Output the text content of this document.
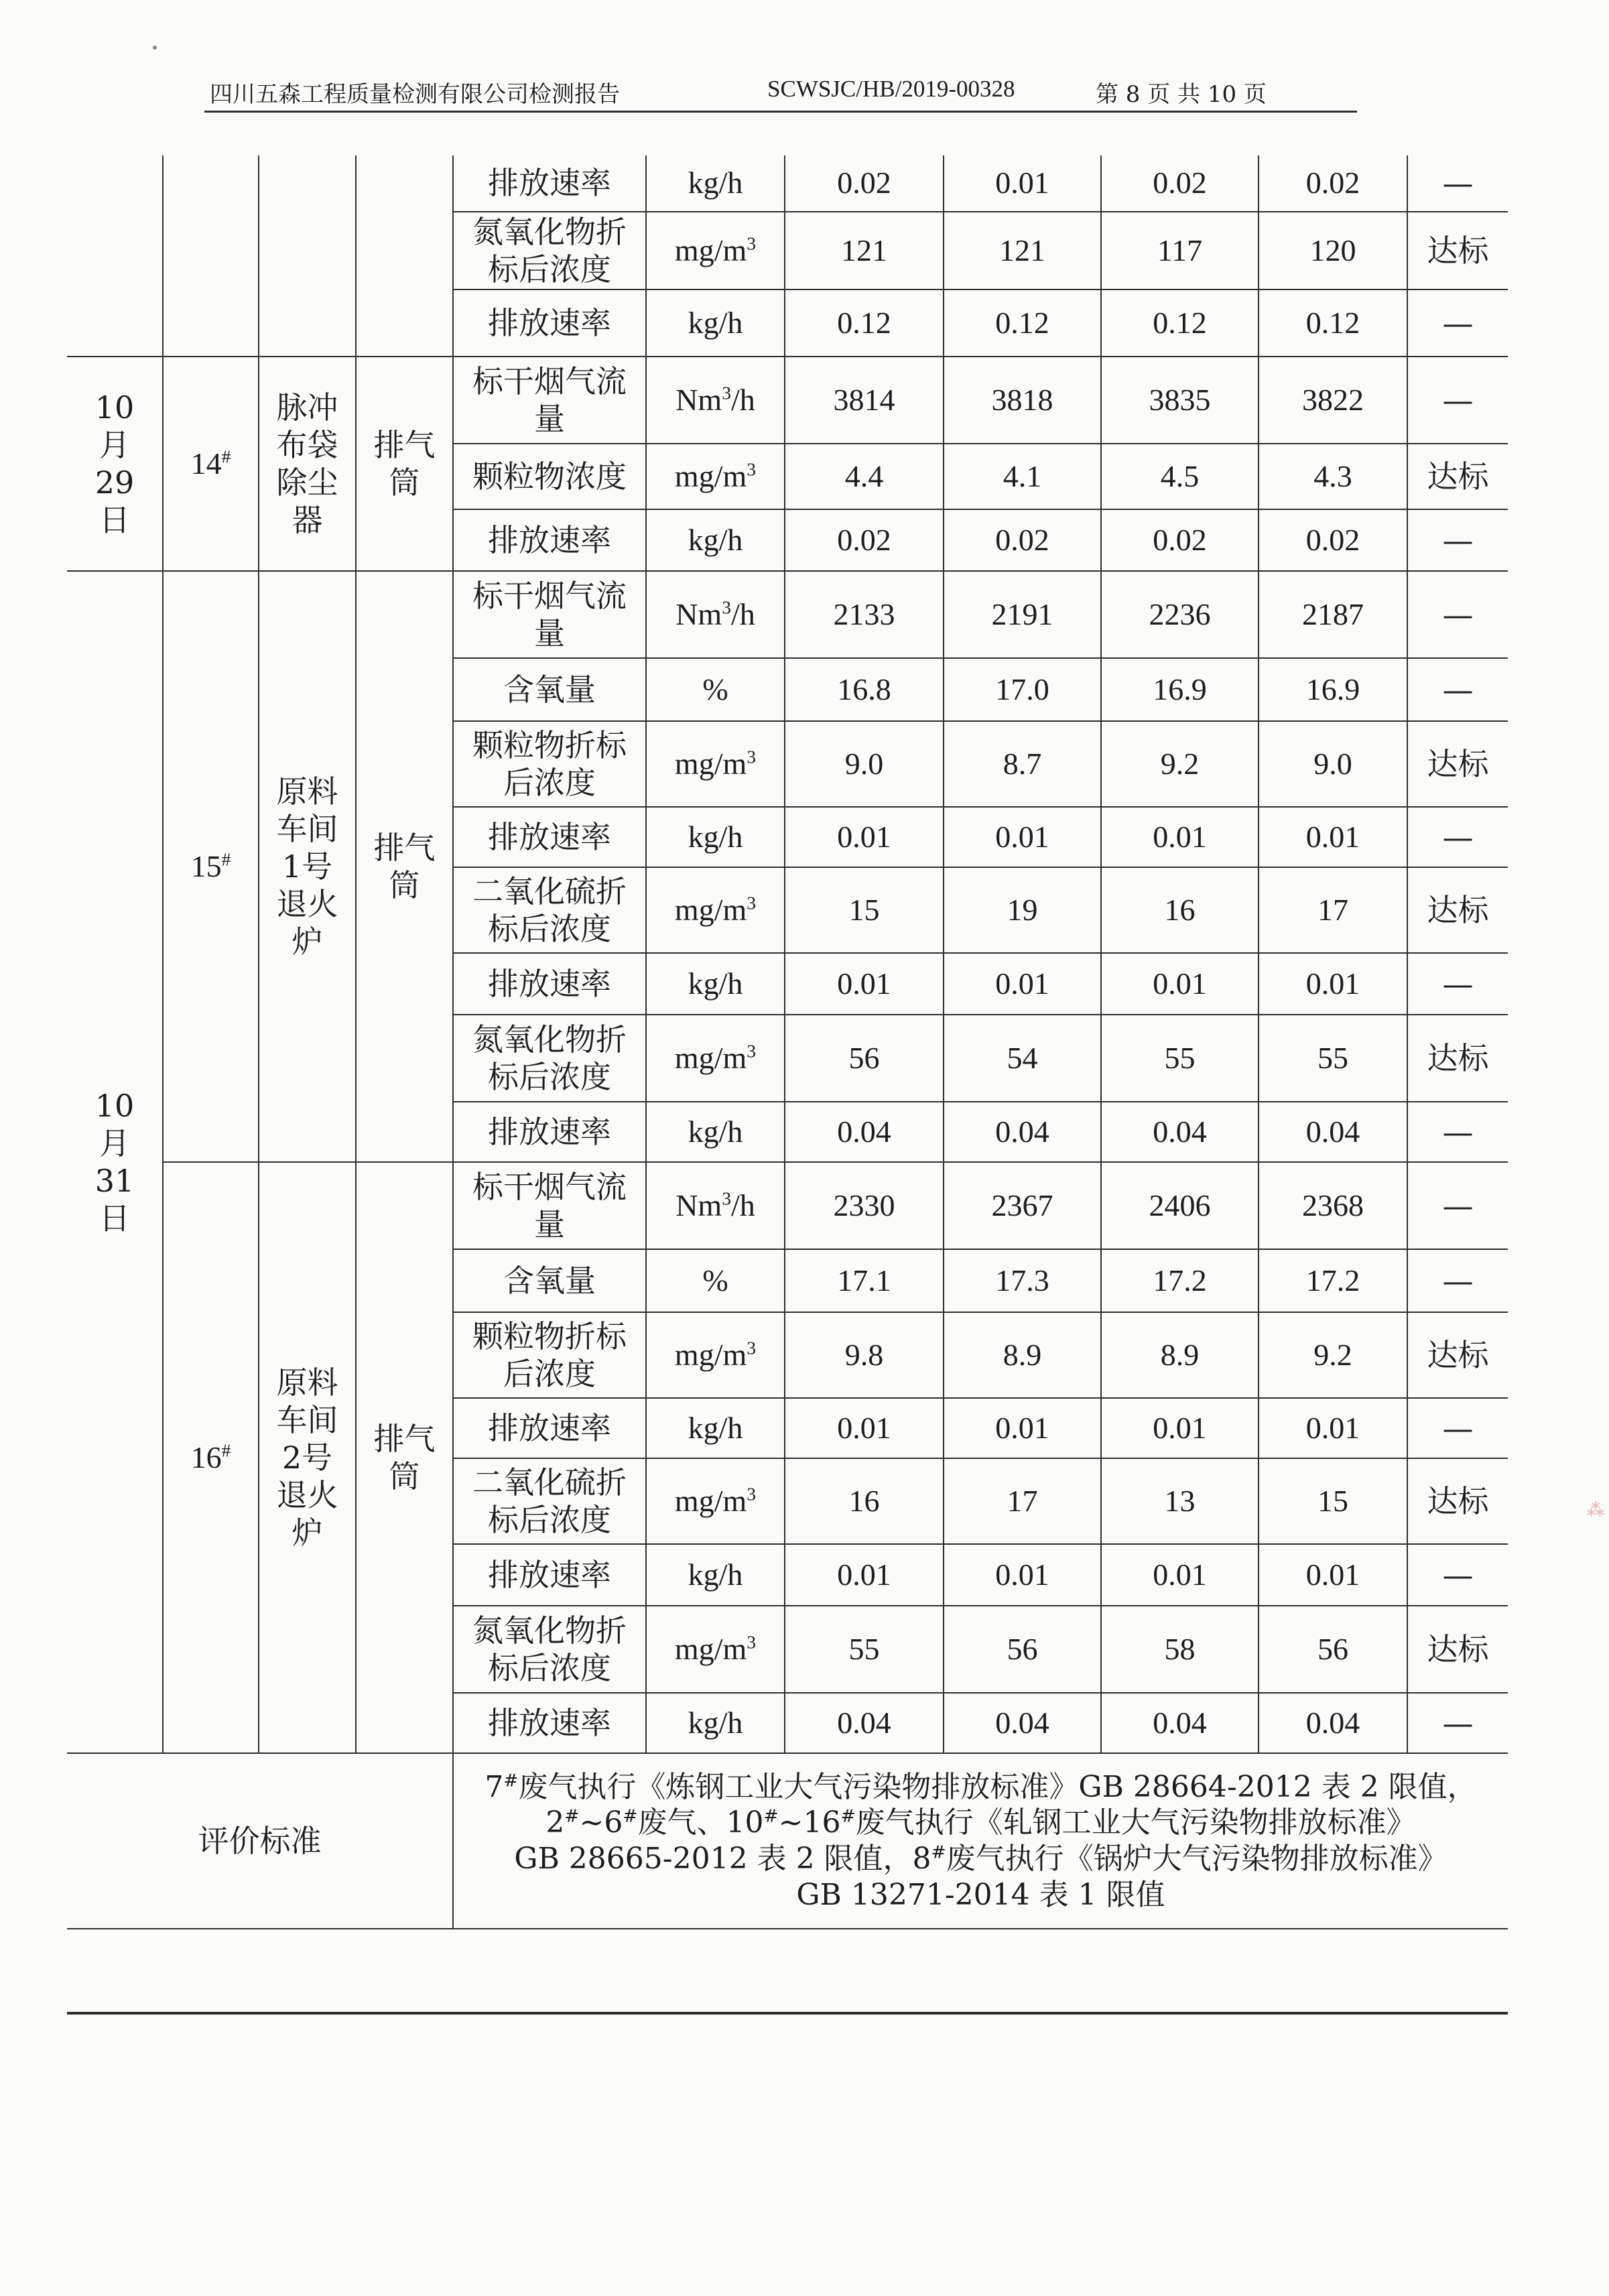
四川五森工程质量检测有限公司检测报告	SCWSJC/HB/2019-00328	第 8 页 共 10 页
⁂
				排放速率	kg/h	0.02	0.01	0.02	0.02	—
				氮氧化物折
标后浓度	$mg/m^3$	121	121	117	120	达标
				排放速率	kg/h	0.12	0.12	0.12	0.12	—
10
月
29
日	14#	脉冲
布袋
除尘
器	排气
筒	标干烟气流
量	Nm$^3$/h	3814	3818	3835	3822	—
				颗粒物浓度	$mg/m^3$	4.4	4.1	4.5	4.3	达标
				排放速率	kg/h	0.02	0.02	0.02	0.02	—
10
月
31
日	15#	原料
车间
1号
退火
炉	排气
筒	标干烟气流
量	Nm$^3$/h	2133	2191	2236	2187	—
				含氧量	%	16.8	17.0	16.9	16.9	—
				颗粒物折标
后浓度	$mg/m^3$	9.0	8.7	9.2	9.0	达标
				排放速率	kg/h	0.01	0.01	0.01	0.01	—
				二氧化硫折
标后浓度	$mg/m^3$	15	19	16	17	达标
				排放速率	kg/h	0.01	0.01	0.01	0.01	—
				氮氧化物折
标后浓度	$mg/m^3$	56	54	55	55	达标
				排放速率	kg/h	0.04	0.04	0.04	0.04	—
	16#	原料
车间
2号
退火
炉	排气
筒	标干烟气流
量	Nm$^3$/h	2330	2367	2406	2368	—
				含氧量	%	17.1	17.3	17.2	17.2	—
				颗粒物折标
后浓度	$mg/m^3$	9.8	8.9	8.9	9.2	达标
				排放速率	kg/h	0.01	0.01	0.01	0.01	—
				二氧化硫折
标后浓度	$mg/m^3$	16	17	13	15	达标
				排放速率	kg/h	0.01	0.01	0.01	0.01	—
				氮氧化物折
标后浓度	$mg/m^3$	55	56	58	56	达标
				排放速率	kg/h	0.04	0.04	0.04	0.04	—
评价标准				7#废气执行《炼钢工业大气污染物排放标准》GB 28664-2012 表 2 限值，
2#~6#废气、10#~16#废气执行《轧钢工业大气污染物排放标准》
GB 28665-2012 表 2 限值，8#废气执行《锅炉大气污染物排放标准》
GB 13271-2014 表 1 限值						
